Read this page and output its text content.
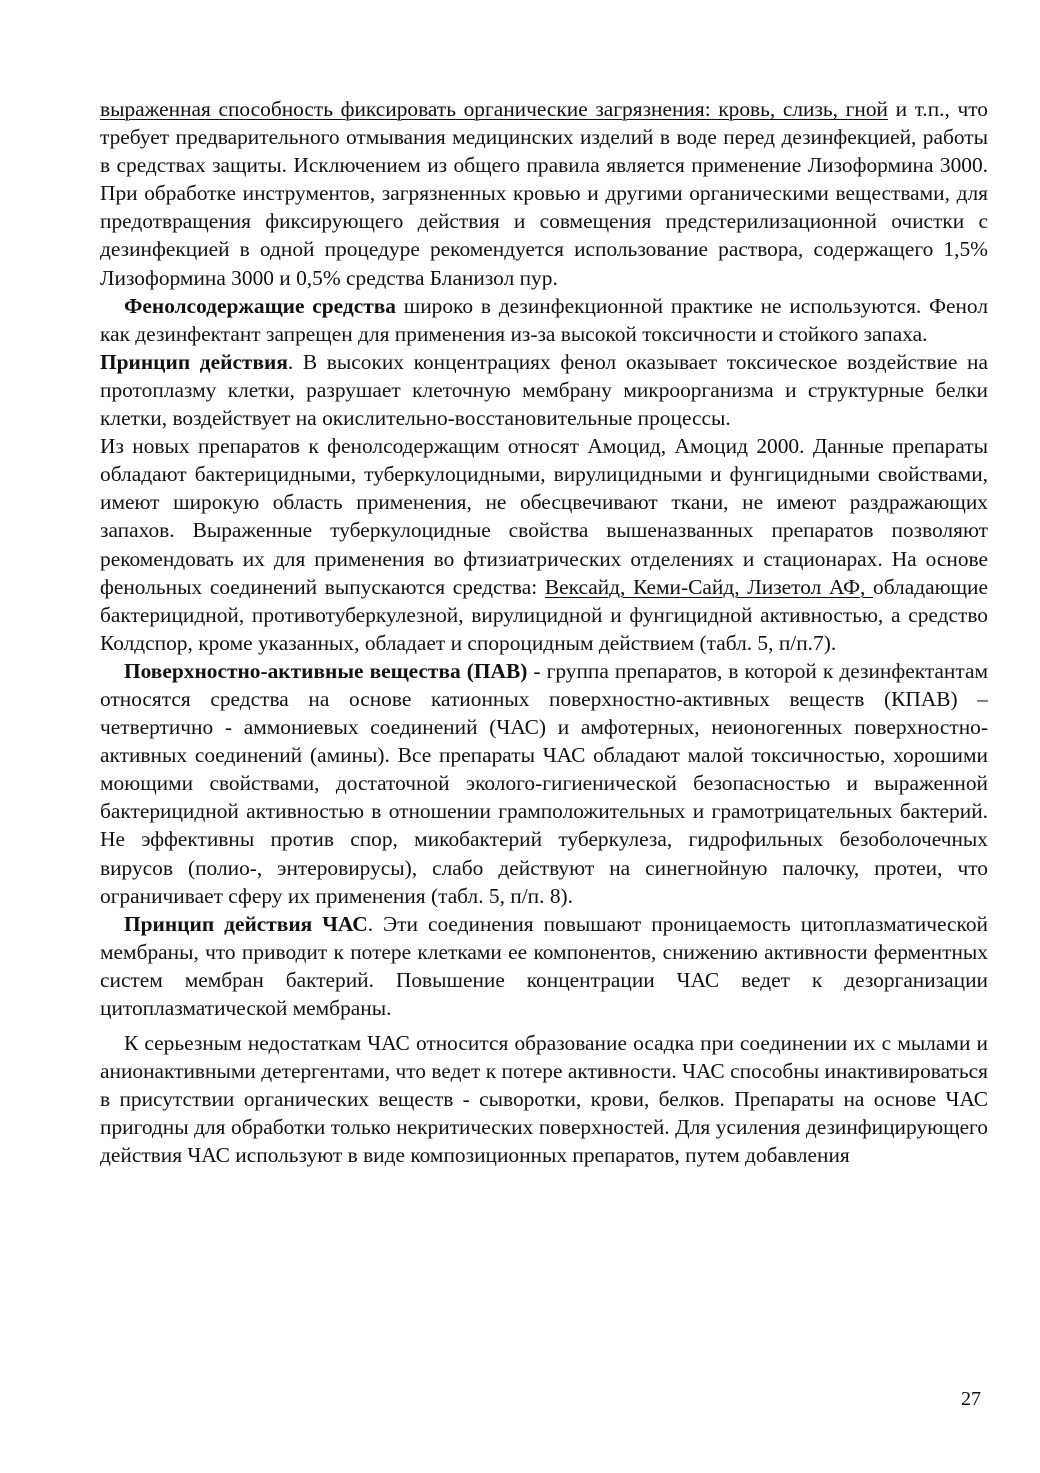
выраженная способность фиксировать органические загрязнения: кровь, слизь, гной и т.п., что требует предварительного отмывания медицинских изделий в воде перед дезинфекцией, работы в средствах защиты. Исключением из общего правила является применение Лизоформина 3000. При обработке инструментов, загрязненных кровью и другими органическими веществами, для предотвращения фиксирующего действия и совмещения предстерилизационной очистки с дезинфекцией в одной процедуре рекомендуется использование раствора, содержащего 1,5% Лизоформина 3000 и 0,5% средства Бланизол пур.

Фенолсодержащие средства широко в дезинфекционной практике не используются. Фенол как дезинфектант запрещен для применения из-за высокой токсичности и стойкого запаха.

Принцип действия. В высоких концентрациях фенол оказывает токсическое воздействие на протоплазму клетки, разрушает клеточную мембрану микроорганизма и структурные белки клетки, воздействует на окислительно-восстановительные процессы.

Из новых препаратов к фенолсодержащим относят Амоцид, Амоцид 2000. Данные препараты обладают бактерицидными, туберкулоцидными, вирулицидными и фунгицидными свойствами, имеют широкую область применения, не обесцвечивают ткани, не имеют раздражающих запахов. Выраженные туберкулоцидные свойства вышеназванных препаратов позволяют рекомендовать их для применения во фтизиатрических отделениях и стационарах. На основе фенольных соединений выпускаются средства: Вексайд, Кеми-Сайд, Лизетол АФ, обладающие бактерицидной, противотуберкулезной, вирулицидной и фунгицидной активностью, а средство Колдспор, кроме указанных, обладает и спороцидным действием (табл. 5, п/п.7).

Поверхностно-активные вещества (ПАВ) - группа препаратов, в которой к дезинфектантам относятся средства на основе катионных поверхностно-активных веществ (КПАВ) – четвертично - аммониевых соединений (ЧАС) и амфотерных, неионогенных поверхностно-активных соединений (амины). Все препараты ЧАС обладают малой токсичностью, хорошими моющими свойствами, достаточной эколого-гигиенической безопасностью и выраженной бактерицидной активностью в отношении грамположительных и грамотрицательных бактерий. Не эффективны против спор, микобактерий туберкулеза, гидрофильных безоболочечных вирусов (полио-, энтеровирусы), слабо действуют на синегнойную палочку, протеи, что ограничивает сферу их применения (табл. 5, п/п. 8).

Принцип действия ЧАС. Эти соединения повышают проницаемость цитоплазматической мембраны, что приводит к потере клетками ее компонентов, снижению активности ферментных систем мембран бактерий. Повышение концентрации ЧАС ведет к дезорганизации цитоплазматической мембраны.

К серьезным недостаткам ЧАС относится образование осадка при соединении их с мылами и анионактивными детергентами, что ведет к потере активности. ЧАС способны инактивироваться в присутствии органических веществ - сыворотки, крови, белков. Препараты на основе ЧАС пригодны для обработки только некритических поверхностей. Для усиления дезинфицирующего действия ЧАС используют в виде композиционных препаратов, путем добавления

27
